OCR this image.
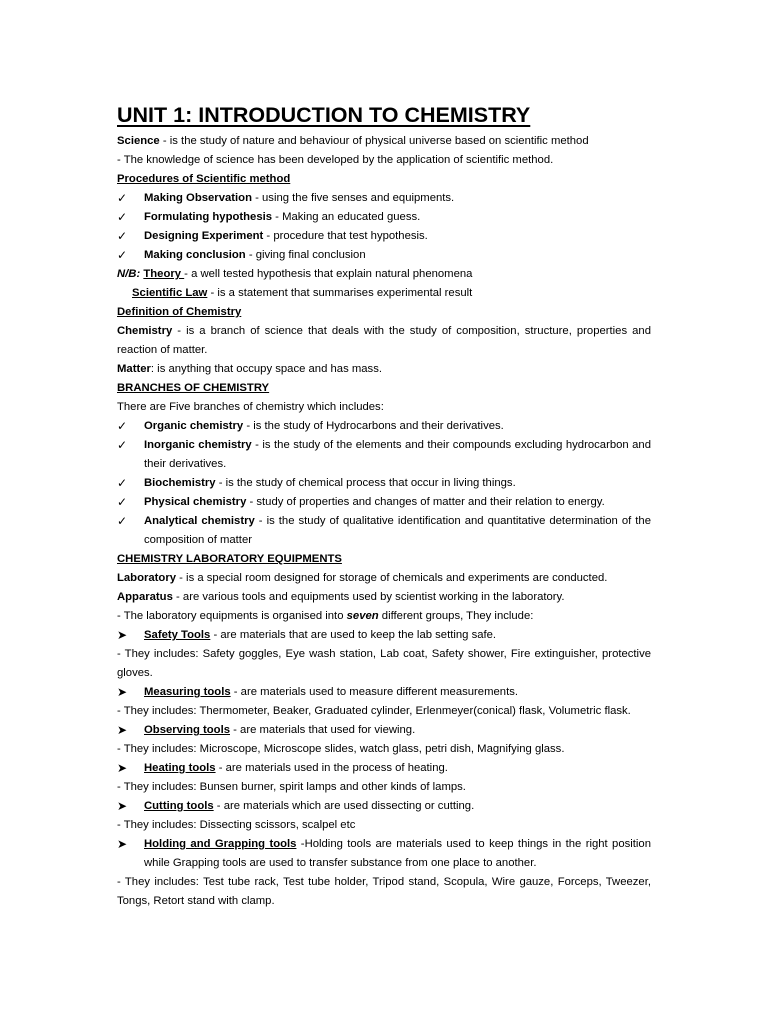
UNIT 1: INTRODUCTION TO CHEMISTRY

Science - is the study of nature and behaviour of physical universe based on scientific method

- The knowledge of science has been developed by the application of scientific method.

Procedures of Scientific method

✓	Making Observation - using the five senses and equipments.
✓	Formulating hypothesis - Making an educated guess.
✓	Designing Experiment - procedure that test hypothesis.
✓	Making conclusion - giving final conclusion

N/B: Theory - a well tested hypothesis that explain natural phenomena

Scientific Law - is a statement that summarises experimental result

Definition of Chemistry

Chemistry - is a branch of science that deals with the study of composition, structure, properties and reaction of matter.

Matter: is anything that occupy space and has mass.

BRANCHES OF CHEMISTRY

There are Five branches of chemistry which includes:

✓	Organic chemistry - is the study of Hydrocarbons and their derivatives.
✓	Inorganic chemistry - is the study of the elements and their compounds excluding hydrocarbon and their derivatives.
✓	Biochemistry - is the study of chemical process that occur in living things.
✓	Physical chemistry - study of properties and changes of matter and their relation to energy.
✓	Analytical chemistry - is the study of qualitative identification and quantitative determination of the composition of matter

CHEMISTRY LABORATORY EQUIPMENTS

Laboratory - is a special room designed for storage of chemicals and experiments are conducted.

Apparatus - are various tools and equipments used by scientist working in the laboratory.

- The laboratory equipments is organised into seven different groups, They include:

➤	Safety Tools - are materials that are used to keep the lab setting safe.

- They includes: Safety goggles, Eye wash station, Lab coat, Safety shower, Fire extinguisher, protective gloves.

➤	Measuring tools - are materials used to measure different measurements.

- They includes: Thermometer, Beaker, Graduated cylinder, Erlenmeyer(conical) flask, Volumetric flask.

➤	Observing tools - are materials that used for viewing.

- They includes: Microscope, Microscope slides, watch glass, petri dish, Magnifying glass.

➤	Heating tools - are materials used in the process of heating.

- They includes: Bunsen burner, spirit lamps and other kinds of lamps.

➤	Cutting tools - are materials which are used dissecting or cutting.

- They includes: Dissecting scissors, scalpel etc

➤	Holding and Grapping tools -Holding tools are materials used to keep things in the right position while Grapping tools are used to transfer substance from one place to another.

- They includes: Test tube rack, Test tube holder, Tripod stand, Scopula, Wire gauze, Forceps, Tweezer, Tongs, Retort stand with clamp.
